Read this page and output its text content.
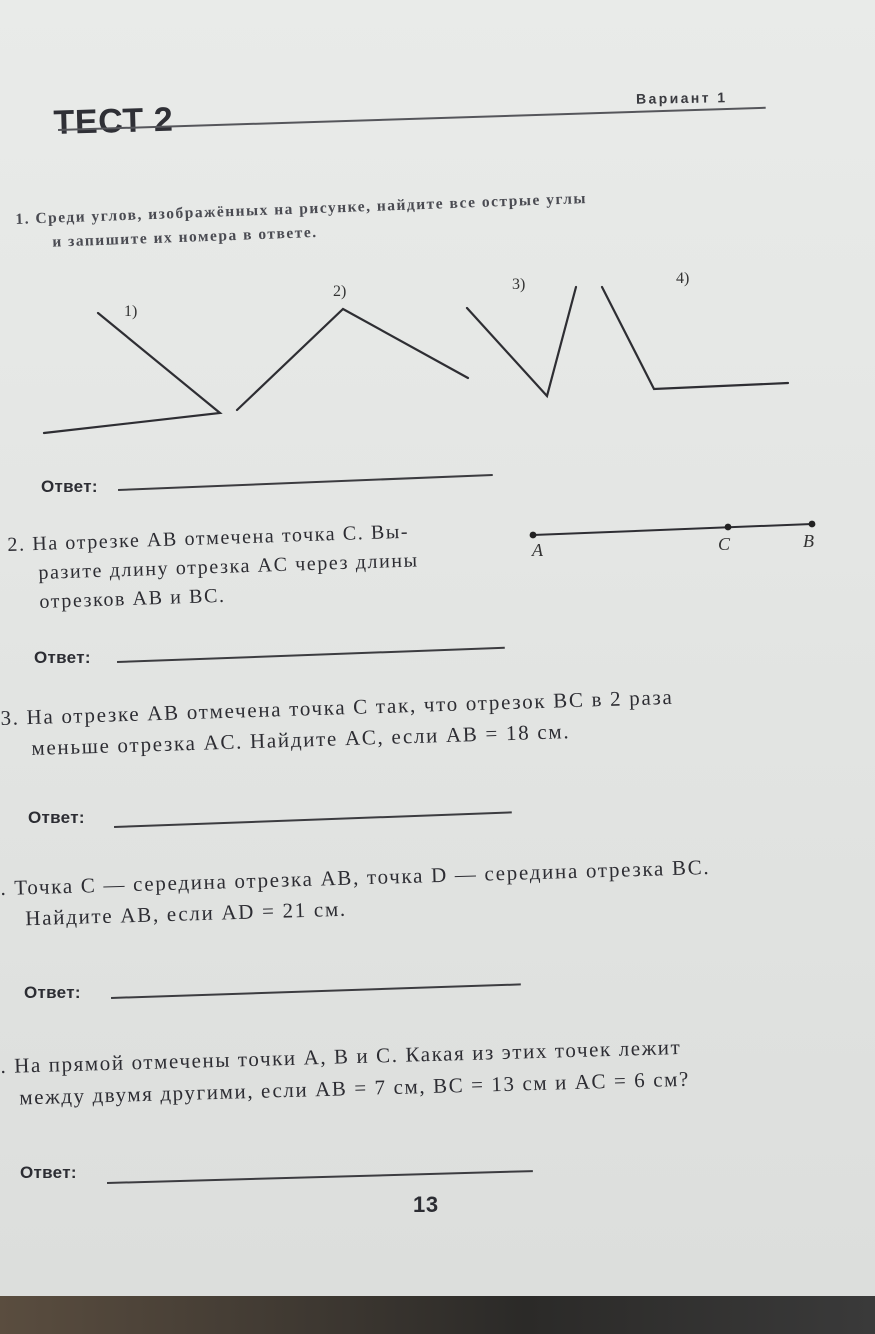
ТЕСТ 2
Вариант 1
1. Среди углов, изображённых на рисунке, найдите все острые углы
и запишите их номера в ответе.
1)
2)	3)	4)
Ответ:
2. На отрезке AB отмечена точка C. Вы-
разите длину отрезка AC через длины
отрезков AB и BC.
A	C	B
Ответ:
3. На отрезке AB отмечена точка C так, что отрезок BC в 2 раза
меньше отрезка AC. Найдите AC, если AB = 18 см.
Ответ:
. Точка C — середина отрезка AB, точка D — середина отрезка BC.
Найдите AB, если AD = 21 см.
Ответ:
. На прямой отмечены точки A, B и C. Какая из этих точек лежит
между двумя другими, если AB = 7 см, BC = 13 см и AC = 6 см?
Ответ:
13
